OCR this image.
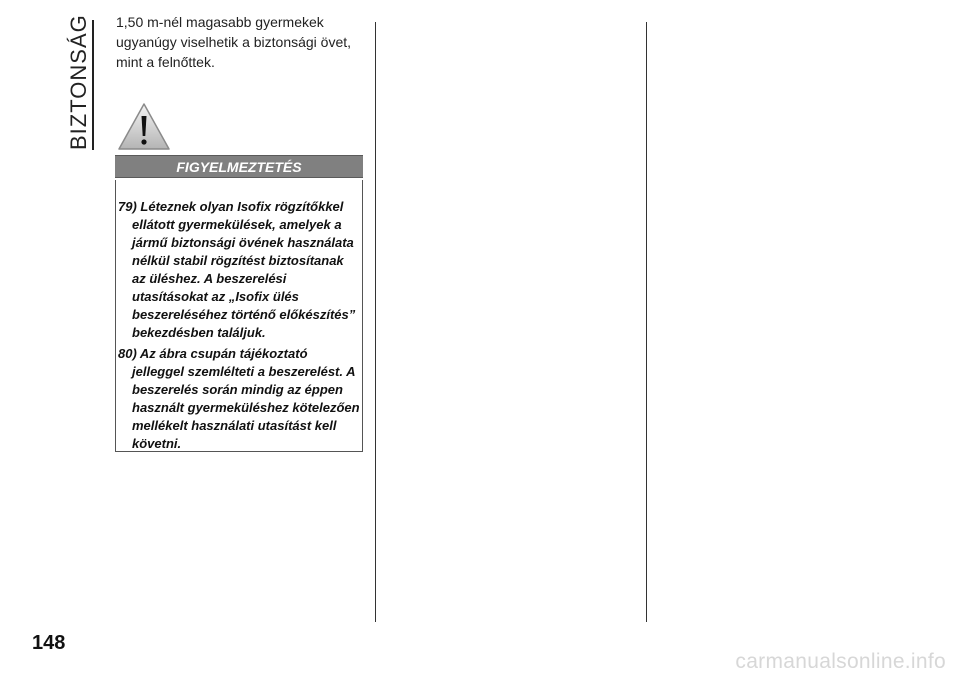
BIZTONSÁG 1,50 m-nél magasabb gyermekek ugyanúgy viselhetik a biztonsági övet, mint a felnőttek.
FIGYELMEZTETÉS

79) Léteznek olyan Isofix rögzítőkkel ellátott gyermekülések, amelyek a jármű biztonsági övének használata nélkül stabil rögzítést biztosítanak az üléshez. A beszerelési utasításokat az „Isofix ülés beszereléséhez történő előkészítés” bekezdésben találjuk.

80) Az ábra csupán tájékoztató jelleggel szemlélteti a beszerelést. A beszerelés során mindig az éppen használt gyermeküléshez kötelezően mellékelt használati utasítást kell követni.

148
carmanualsonline.info
